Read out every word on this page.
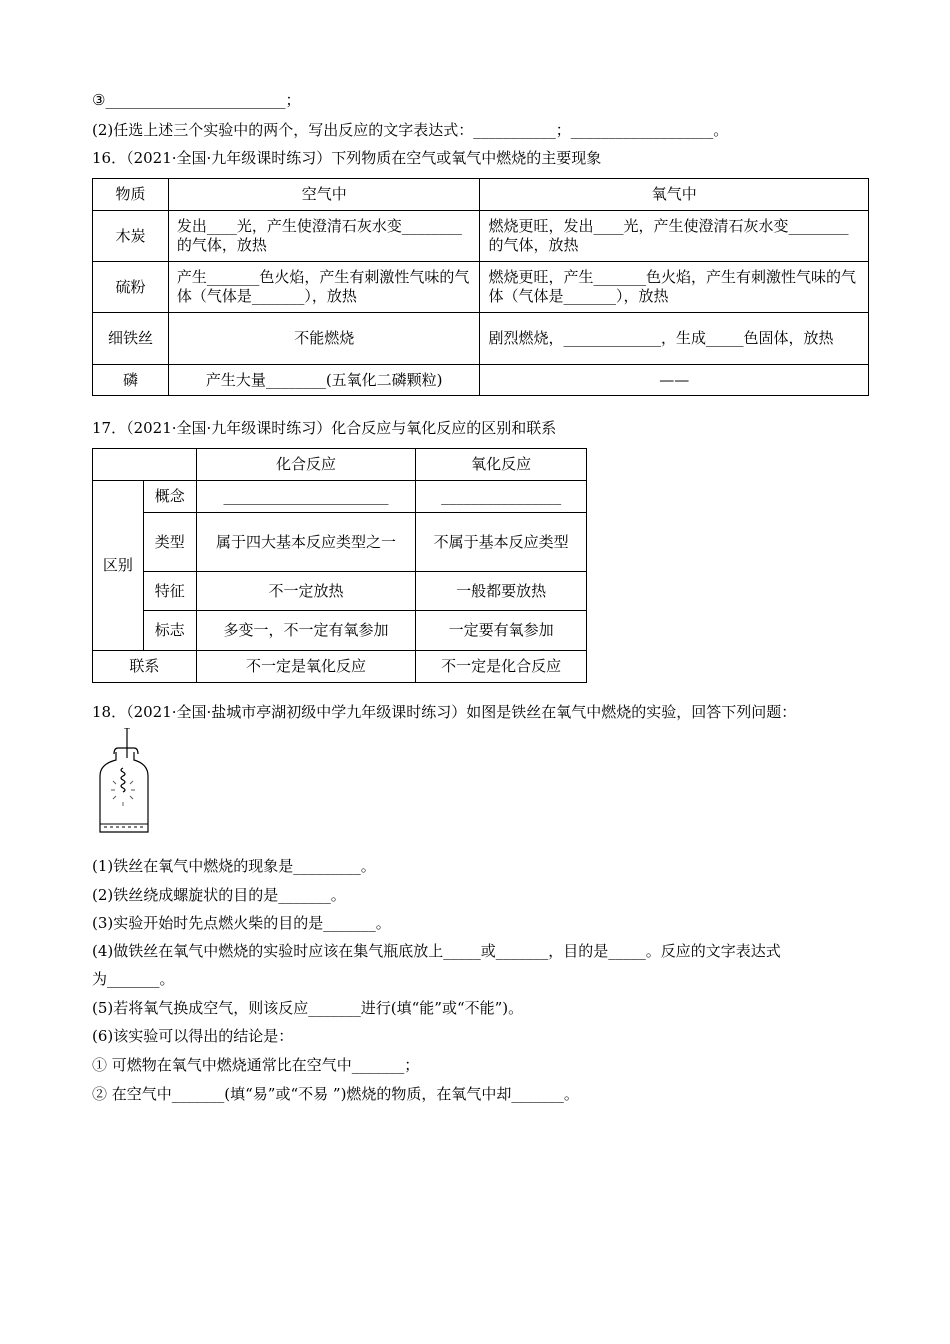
③________________________；
(2)任选上述三个实验中的两个，写出反应的文字表达式：___________；___________________。
16．（2021·全国·九年级课时练习）下列物质在空气或氧气中燃烧的主要现象
物质	空气中	氧气中
木炭	发出____光，产生使澄清石灰水变________的气体，放热	燃烧更旺，发出____光，产生使澄清石灰水变________的气体，放热
硫粉	产生_______色火焰，产生有刺激性气味的气体（气体是_______），放热	燃烧更旺，产生_______色火焰，产生有刺激性气味的气体（气体是_______），放热
细铁丝	不能燃烧	剧烈燃烧，_____________，生成_____色固体，放热
磷	产生大量________(五氧化二磷颗粒)	——
17．（2021·全国·九年级课时练习）化合反应与氧化反应的区别和联系
		化合反应	氧化反应
区别	概念	______________________	________________
	类型	属于四大基本反应类型之一	不属于基本反应类型
	特征	不一定放热	一般都要放热
	标志	多变一，不一定有氧参加	一定要有氧参加
联系		不一定是氧化反应	不一定是化合反应
18．（2021·全国·盐城市亭湖初级中学九年级课时练习）如图是铁丝在氧气中燃烧的实验，回答下列问题：
(1)铁丝在氧气中燃烧的现象是_________。
(2)铁丝绕成螺旋状的目的是_______。
(3)实验开始时先点燃火柴的目的是_______。
(4)做铁丝在氧气中燃烧的实验时应该在集气瓶底放上_____或_______，目的是_____。反应的文字表达式
为_______。
(5)若将氧气换成空气，则该反应_______进行(填“能”或“不能”)。
(6)该实验可以得出的结论是：
① 可燃物在氧气中燃烧通常比在空气中_______；
② 在空气中_______(填“易”或“不易 ”)燃烧的物质，在氧气中却_______。
